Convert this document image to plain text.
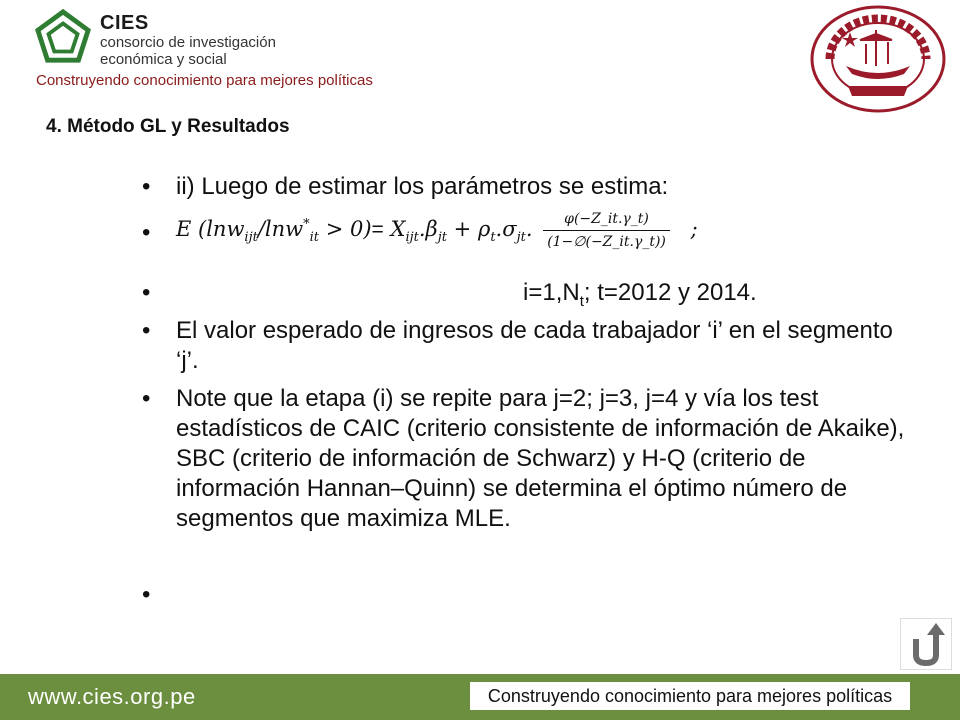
CIES
consorcio de investigación
económica y social
Construyendo conocimiento para mejores políticas
4. Método GL y Resultados
• ii) Luego de estimar los parámetros se estima:
• E $(\ln w_{ijt}/\ln w^*_{it} > 0)= X_{ijt}.\beta_{jt} + \rho_t.\sigma_{jt}$. $\frac{\varphi(-Z\_it.\gamma\_t)}{(1-\emptyset(-Z\_it.\gamma\_t))}$ ;
•	$i=1,N_t$; t=2012 y 2014.
• El valor esperado de ingresos de cada trabajador ‘i’ en el segmento ‘j’.
• Note que la etapa (i) se repite para j=2; j=3, j=4 y vía los test estadísticos de CAIC (criterio consistente de información de Akaike), SBC (criterio de información de Schwarz) y H-Q (criterio de información Hannan–Quinn) se determina el óptimo número de segmentos que maximiza MLE.
•
www.cies.org.pe	Construyendo conocimiento para mejores políticas
